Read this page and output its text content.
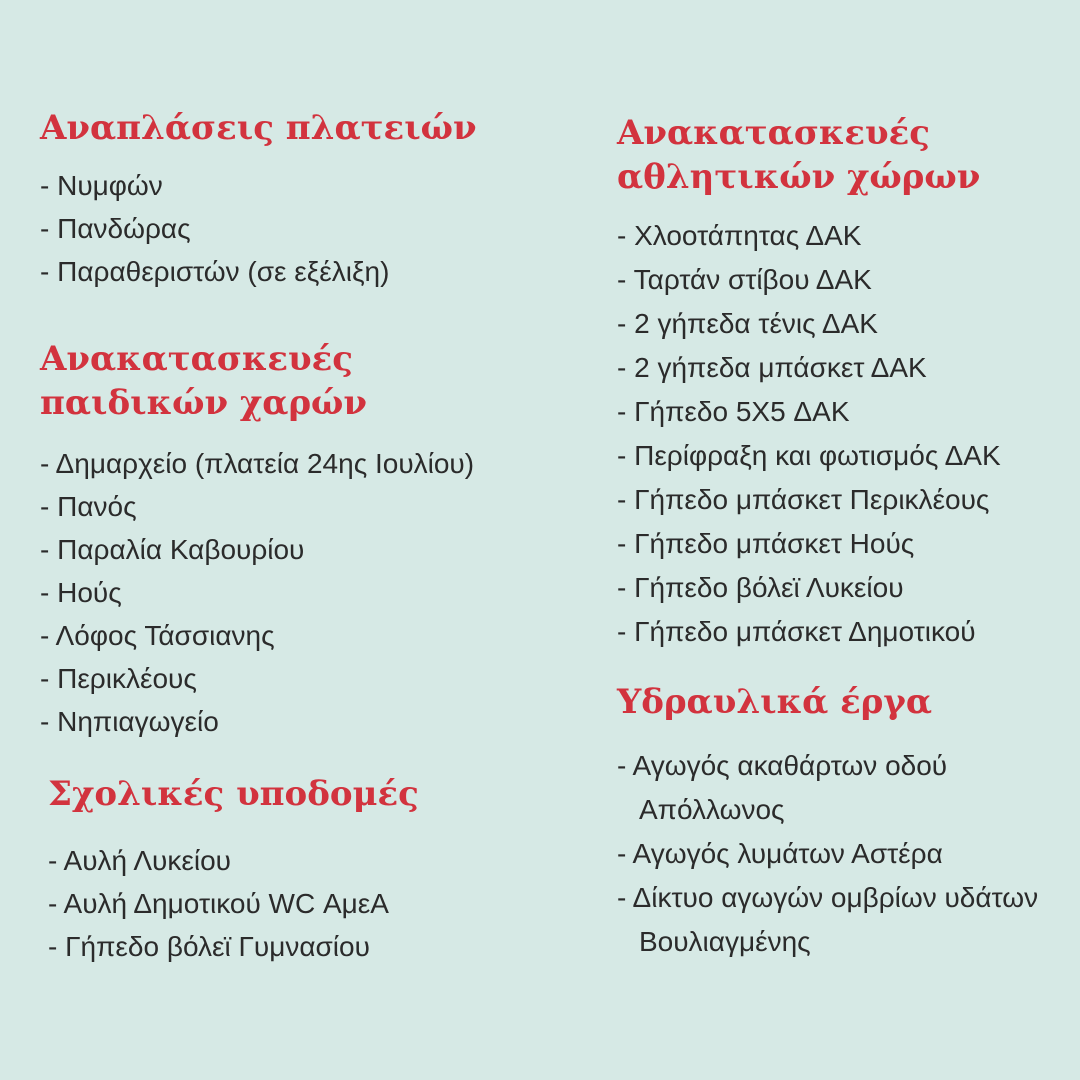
Αναπλάσεις πλατειών
- Νυμφών
- Πανδώρας
- Παραθεριστών (σε εξέλιξη)
Ανακατασκευές
παιδικών χαρών
- Δημαρχείο (πλατεία 24ης Ιουλίου)
- Πανός
- Παραλία Καβουρίου
- Ηούς
- Λόφος Τάσσιανης
- Περικλέους
- Νηπιαγωγείο
Σχολικές υποδομές
- Αυλή Λυκείου
- Αυλή Δημοτικού WC ΑμεΑ
- Γήπεδο βόλεϊ Γυμνασίου
Ανακατασκευές
αθλητικών χώρων
- Χλοοτάπητας ΔΑΚ
- Ταρτάν στίβου ΔΑΚ
- 2 γήπεδα τένις ΔΑΚ
- 2 γήπεδα μπάσκετ ΔΑΚ
- Γήπεδο 5X5 ΔΑΚ
- Περίφραξη και φωτισμός ΔΑΚ
- Γήπεδο μπάσκετ Περικλέους
- Γήπεδο μπάσκετ Ηούς
- Γήπεδο βόλεϊ Λυκείου
- Γήπεδο μπάσκετ Δημοτικού
Υδραυλικά έργα
- Αγωγός ακαθάρτων οδού Απόλλωνος
- Αγωγός λυμάτων Αστέρα
- Δίκτυο αγωγών ομβρίων υδάτων Βουλιαγμένης
